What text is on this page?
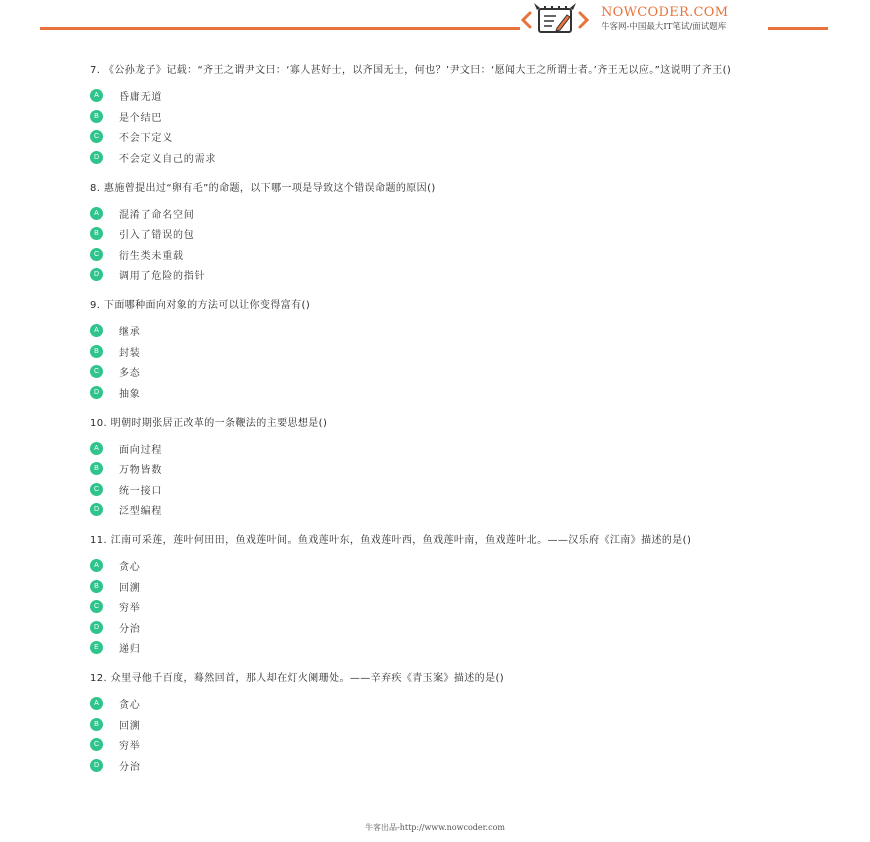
NOWCODER.COM
牛客网-中国最大IT笔试/面试题库
7. 《公孙龙子》记载：“齐王之谓尹文曰：‘寡人甚好士，以齐国无士，何也？’尹文曰：‘愿闻大王之所谓士者。’齐王无以应。”这说明了齐王()
A	昏庸无道
B	是个结巴
C	不会下定义
D	不会定义自己的需求
8. 惠施曾提出过“卵有毛”的命题，以下哪一项是导致这个错误命题的原因()
A	混淆了命名空间
B	引入了错误的包
C	衍生类未重载
D	调用了危险的指针
9. 下面哪种面向对象的方法可以让你变得富有()
A	继承
B	封装
C	多态
D	抽象
10. 明朝时期张居正改革的一条鞭法的主要思想是()
A	面向过程
B	万物皆数
C	统一接口
D	泛型编程
11. 江南可采莲，莲叶何田田，鱼戏莲叶间。鱼戏莲叶东，鱼戏莲叶西，鱼戏莲叶南，鱼戏莲叶北。——汉乐府《江南》描述的是()
A	贪心
B	回溯
C	穷举
D	分治
E	递归
12. 众里寻他千百度，蓦然回首，那人却在灯火阑珊处。——辛弃疾《青玉案》描述的是()
A	贪心
B	回溯
C	穷举
D	分治
牛客出品-http://www.nowcoder.com
